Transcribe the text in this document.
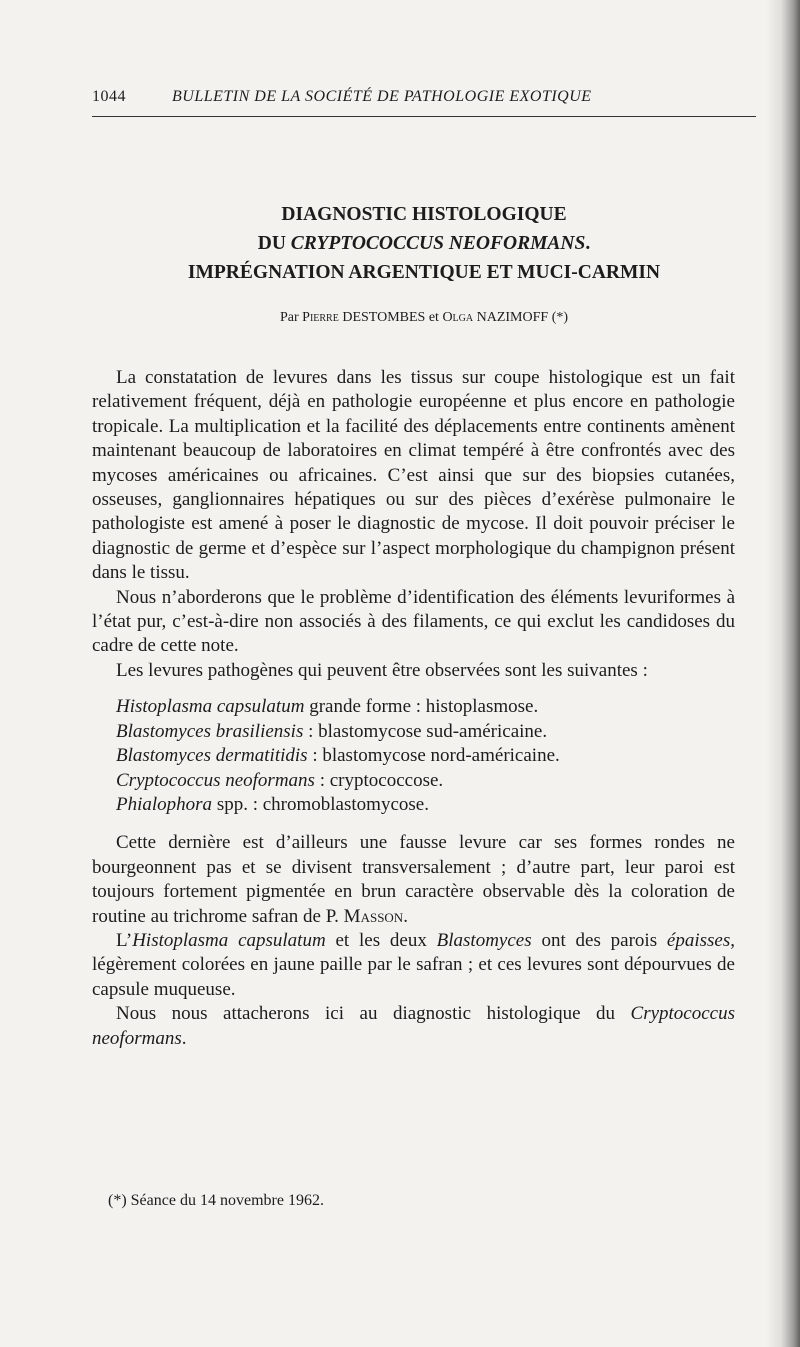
1044	BULLETIN DE LA SOCIÉTÉ DE PATHOLOGIE EXOTIQUE
DIAGNOSTIC HISTOLOGIQUE
DU CRYPTOCOCCUS NEOFORMANS.
IMPRÉGNATION ARGENTIQUE ET MUCI-CARMIN
Par Pierre DESTOMBES et Olga NAZIMOFF (*)

La constatation de levures dans les tissus sur coupe histologique est un fait relativement fréquent, déjà en pathologie européenne et plus encore en pathologie tropicale. La multiplication et la facilité des déplacements entre continents amènent maintenant beaucoup de laboratoires en climat tempéré à être confrontés avec des mycoses américaines ou africaines. C’est ainsi que sur des biopsies cutanées, osseuses, ganglionnaires hépatiques ou sur des pièces d’exérèse pulmonaire le pathologiste est amené à poser le diagnostic de mycose. Il doit pouvoir préciser le diagnostic de germe et d’espèce sur l’aspect morphologique du champignon présent dans le tissu.

Nous n’aborderons que le problème d’identification des éléments levuriformes à l’état pur, c’est-à-dire non associés à des filaments, ce qui exclut les candidoses du cadre de cette note.

Les levures pathogènes qui peuvent être observées sont les suivantes :

Histoplasma capsulatum grande forme : histoplasmose.
Blastomyces brasiliensis : blastomycose sud-américaine.
Blastomyces dermatitidis : blastomycose nord-américaine.
Cryptococcus neoformans : cryptococcose.
Phialophora spp. : chromoblastomycose.

Cette dernière est d’ailleurs une fausse levure car ses formes rondes ne bourgeonnent pas et se divisent transversalement ; d’autre part, leur paroi est toujours fortement pigmentée en brun caractère observable dès la coloration de routine au trichrome safran de P. Masson.

L’Histoplasma capsulatum et les deux Blastomyces ont des parois épaisses, légèrement colorées en jaune paille par le safran ; et ces levures sont dépourvues de capsule muqueuse.

Nous nous attacherons ici au diagnostic histologique du Cryptococcus neoformans.

(*) Séance du 14 novembre 1962.
